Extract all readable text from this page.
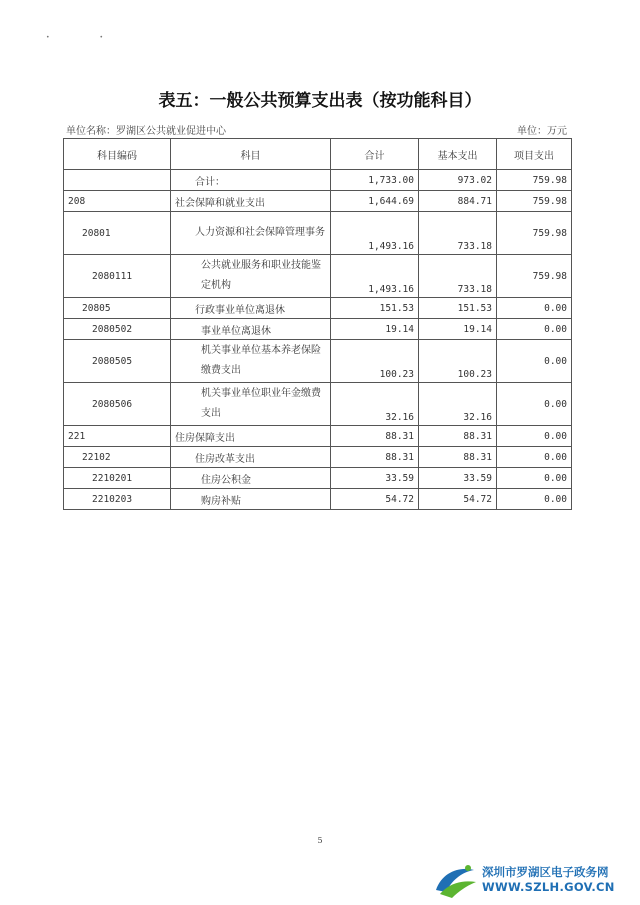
• •
表五：一般公共预算支出表（按功能科目）
单位名称：罗湖区公共就业促进中心	单位：万元
科目编码	科目	合计	基本支出	项目支出
	合计：	1,733.00	973.02	759.98
208	社会保障和就业支出	1,644.69	884.71	759.98
20801	人力资源和社会保障管理事务	1,493.16	733.18	759.98
2080111	公共就业服务和职业技能鉴定机构	1,493.16	733.18	759.98
20805	行政事业单位离退休	151.53	151.53	0.00
2080502	事业单位离退休	19.14	19.14	0.00
2080505	机关事业单位基本养老保险缴费支出	100.23	100.23	0.00
2080506	机关事业单位职业年金缴费支出	32.16	32.16	0.00
221	住房保障支出	88.31	88.31	0.00
22102	住房改革支出	88.31	88.31	0.00
2210201	住房公积金	33.59	33.59	0.00
2210203	购房补贴	54.72	54.72	0.00
5
深圳市罗湖区电子政务网
WWW.SZLH.GOV.CN
